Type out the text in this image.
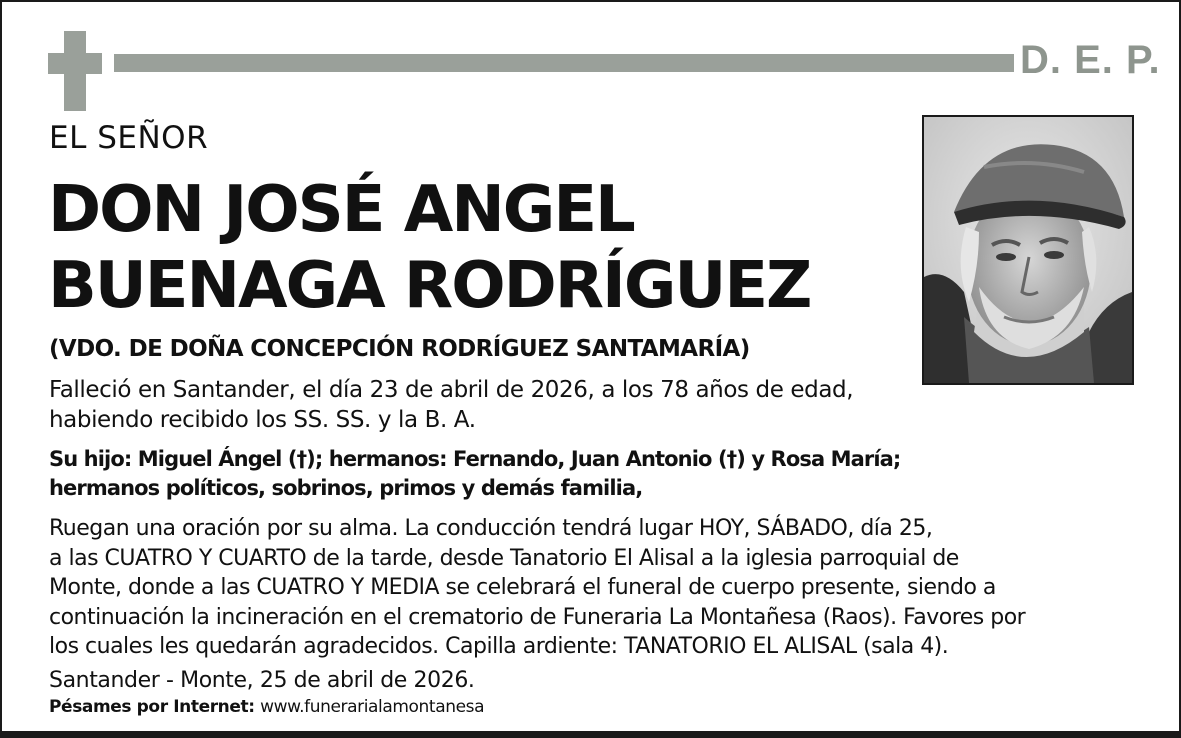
D. E. P.
EL SEÑOR
DON JOSÉ ANGEL
BUENAGA RODRÍGUEZ
(VDO. DE DOÑA CONCEPCIÓN RODRÍGUEZ SANTAMARÍA)
Falleció en Santander, el día 23 de abril de 2026, a los 78 años de edad,
habiendo recibido los SS. SS. y la B. A.
Su hijo: Miguel Ángel (†); hermanos: Fernando, Juan Antonio (†) y Rosa María;
hermanos políticos, sobrinos, primos y demás familia,
Ruegan una oración por su alma. La conducción tendrá lugar HOY, SÁBADO, día 25,
a las CUATRO Y CUARTO de la tarde, desde Tanatorio El Alisal a la iglesia parroquial de
Monte, donde a las CUATRO Y MEDIA se celebrará el funeral de cuerpo presente, siendo a
continuación la incineración en el crematorio de Funeraria La Montañesa (Raos). Favores por
los cuales les quedarán agradecidos. Capilla ardiente: TANATORIO EL ALISAL (sala 4).
Santander - Monte, 25 de abril de 2026.
Pésames por Internet: www.funerarialamontanesa
